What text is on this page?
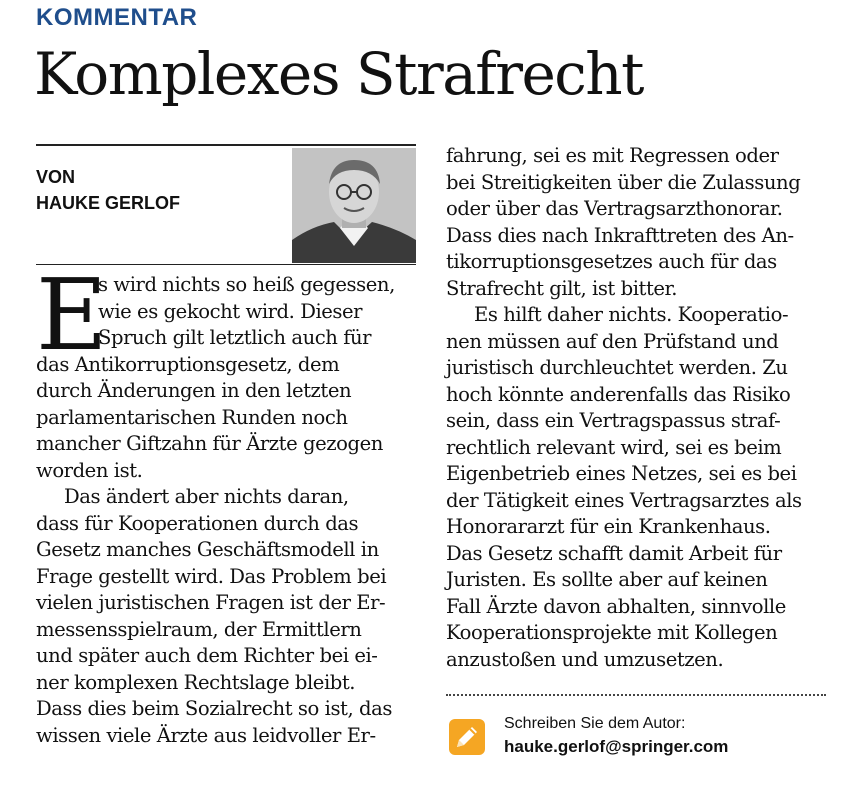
KOMMENTAR
Komplexes Strafrecht
VON
HAUKE GERLOF
E
s wird nichts so heiß gegessen,
wie es gekocht wird. Dieser
Spruch gilt letztlich auch für
das Antikorruptionsgesetz, dem
durch Änderungen in den letzten
parlamentarischen Runden noch
mancher Giftzahn für Ärzte gezogen
worden ist.
Das ändert aber nichts daran,
dass für Kooperationen durch das
Gesetz manches Geschäftsmodell in
Frage gestellt wird. Das Problem bei
vielen juristischen Fragen ist der Er-
messensspielraum, der Ermittlern
und später auch dem Richter bei ei-
ner komplexen Rechtslage bleibt.
Dass dies beim Sozialrecht so ist, das
wissen viele Ärzte aus leidvoller Er-
fahrung, sei es mit Regressen oder
bei Streitigkeiten über die Zulassung
oder über das Vertragsarzthonorar.
Dass dies nach Inkrafttreten des An-
tikorruptionsgesetzes auch für das
Strafrecht gilt, ist bitter.
Es hilft daher nichts. Kooperatio-
nen müssen auf den Prüfstand und
juristisch durchleuchtet werden. Zu
hoch könnte anderenfalls das Risiko
sein, dass ein Vertragspassus straf-
rechtlich relevant wird, sei es beim
Eigenbetrieb eines Netzes, sei es bei
der Tätigkeit eines Vertragsarztes als
Honorararzt für ein Krankenhaus.
Das Gesetz schafft damit Arbeit für
Juristen. Es sollte aber auf keinen
Fall Ärzte davon abhalten, sinnvolle
Kooperationsprojekte mit Kollegen
anzustoßen und umzusetzen.
Schreiben Sie dem Autor:
hauke.gerlof@springer.com
